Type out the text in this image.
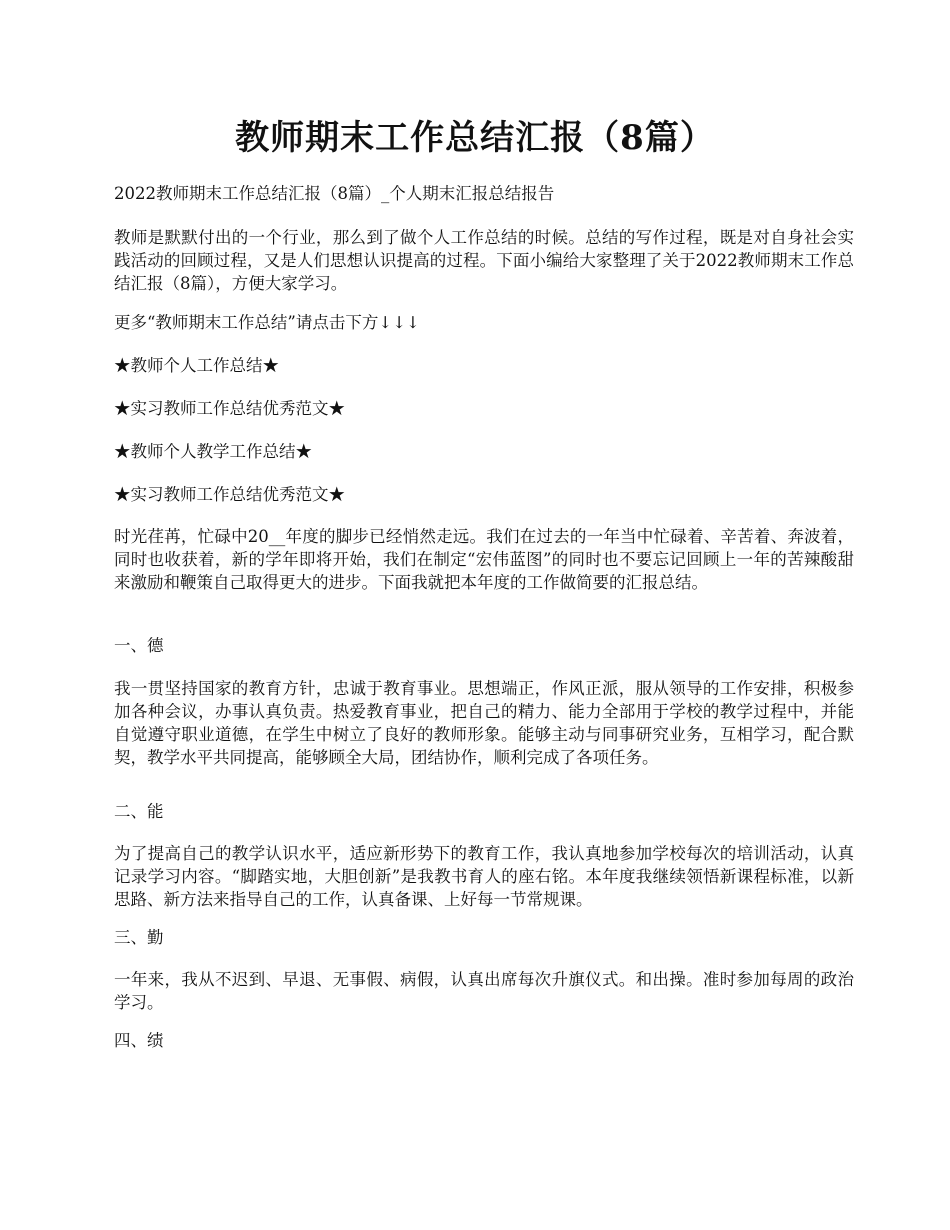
教师期末工作总结汇报（8篇）

2022教师期末工作总结汇报（8篇）_个人期末汇报总结报告

教师是默默付出的一个行业，那么到了做个人工作总结的时候。总结的写作过程，既是对自身社会实践活动的回顾过程，又是人们思想认识提高的过程。下面小编给大家整理了关于2022教师期末工作总结汇报（8篇），方便大家学习。

更多“教师期末工作总结”请点击下方↓↓↓

★教师个人工作总结★

★实习教师工作总结优秀范文★

★教师个人教学工作总结★

★实习教师工作总结优秀范文★

时光荏苒，忙碌中20__年度的脚步已经悄然走远。我们在过去的一年当中忙碌着、辛苦着、奔波着，同时也收获着，新的学年即将开始，我们在制定“宏伟蓝图”的同时也不要忘记回顾上一年的苦辣酸甜来激励和鞭策自己取得更大的进步。下面我就把本年度的工作做简要的汇报总结。

一、德

我一贯坚持国家的教育方针，忠诚于教育事业。思想端正，作风正派，服从领导的工作安排，积极参加各种会议，办事认真负责。热爱教育事业，把自己的精力、能力全部用于学校的教学过程中，并能自觉遵守职业道德，在学生中树立了良好的教师形象。能够主动与同事研究业务，互相学习，配合默契，教学水平共同提高，能够顾全大局，团结协作，顺利完成了各项任务。

二、能

为了提高自己的教学认识水平，适应新形势下的教育工作，我认真地参加学校每次的培训活动，认真记录学习内容。“脚踏实地，大胆创新”是我教书育人的座右铭。本年度我继续领悟新课程标准，以新思路、新方法来指导自己的工作，认真备课、上好每一节常规课。

三、勤

一年来，我从不迟到、早退、无事假、病假，认真出席每次升旗仪式。和出操。准时参加每周的政治学习。

四、绩
